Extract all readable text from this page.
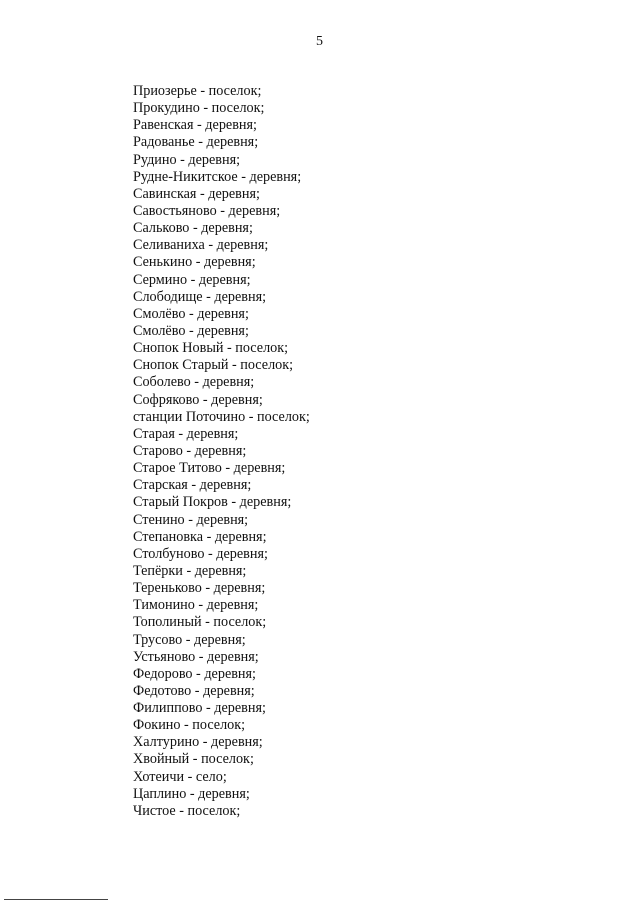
5
Приозерье - поселок;
Прокудино - поселок;
Равенская - деревня;
Радованье - деревня;
Рудино - деревня;
Рудне-Никитское - деревня;
Савинская - деревня;
Савостьяново - деревня;
Сальково - деревня;
Селиваниха - деревня;
Сенькино - деревня;
Сермино - деревня;
Слободище - деревня;
Смолёво - деревня;
Смолёво - деревня;
Снопок Новый - поселок;
Снопок Старый - поселок;
Соболево - деревня;
Софряково - деревня;
станции Поточино - поселок;
Старая - деревня;
Старово - деревня;
Старое Титово - деревня;
Старская - деревня;
Старый Покров - деревня;
Стенино - деревня;
Степановка - деревня;
Столбуново - деревня;
Тепёрки - деревня;
Тереньково - деревня;
Тимонино - деревня;
Тополиный - поселок;
Трусово - деревня;
Устьяново - деревня;
Федорово - деревня;
Федотово - деревня;
Филиппово - деревня;
Фокино - поселок;
Халтурино - деревня;
Хвойный - поселок;
Хотеичи - село;
Цаплино - деревня;
Чистое - поселок;
